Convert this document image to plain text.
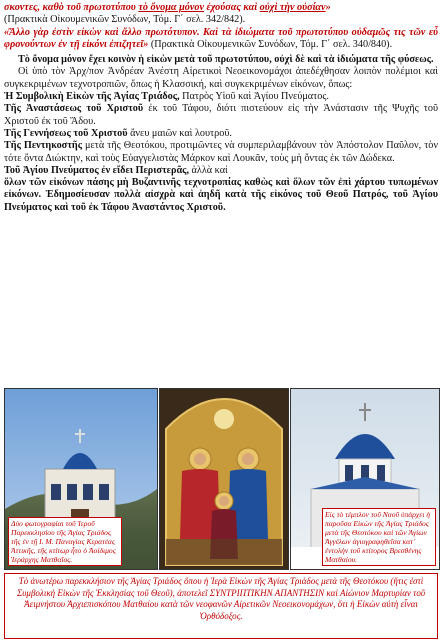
σκοντες, καθὸ τοῦ πρωτοτύπου τὸ ὄνομα μόνον ἐχούσας καὶ οὐχὶ τὴν οὐσίαν»

(Πρακτικὰ Οἰκουμενικῶν Συνόδων, Τόμ. Γ΄ σελ. 342/842).

«Ἄλλο γὰρ ἐστὶν εἰκὼν καὶ ἄλλο πρωτότυπον. Καὶ τὰ ἰδιώματα τοῦ πρωτοτύπου οὐδαμῶς τις τῶν εὖ φρονούντων ἐν τῇ εἰκόνι ἐπιζητεῖ» (Πρακτικὰ Οἰκουμενικῶν Συνόδων, Τόμ. Γ΄ σελ. 340/840).

Τὸ ὄνομα μόνον ἔχει κοινὸν ἡ εἰκὼν μετὰ τοῦ πρωτοτύπου, οὐχὶ δὲ καὶ τὰ ἰδιώματα τῆς φύσεως.

Οἱ ὑπὸ τὸν Ἀρχ/πον Ἀνδρέαν Ἀνέστη Αἱρετικοὶ Νεοεικονομάχοι ἀπεδέχθησαν λοιπὸν πολέμιοι καὶ συγκεκριμένων τεχνοτροπιῶν, ὅπως ἡ Κλασσική, καὶ συγκεκριμένων εἰκόνων, ὅπως:

Ἡ Συμβολικὴ Εἰκὼν τῆς Ἁγίας Τριάδος, Πατρὸς Υἱοῦ καὶ Ἁγίου Πνεύματος.

Τῆς Ἀναστάσεως τοῦ Χριστοῦ ἐκ τοῦ Τάφου, διότι πιστεύουν εἰς τὴν Ἀνάστασιν τῆς Ψυχῆς τοῦ Χριστοῦ ἐκ τοῦ Ἅδου.

Τῆς Γεννήσεως τοῦ Χριστοῦ ἄνευ μαιῶν καὶ λουτροῦ.

Τῆς Πεντηκοστῆς μετὰ τῆς Θεοτόκου, προτιμῶντες νὰ συμπεριλαμβάνουν τὸν Ἀπόστολον Παῦλον, τὸν τότε ὄντα Διώκτην, καὶ τοὺς Εὐαγγελιστὰς Μάρκον καὶ Λουκᾶν, τοὺς μὴ ὄντας ἐκ τῶν Δώδεκα.

Τοῦ Ἁγίου Πνεύματος ἐν εἴδει Περιστερᾶς, ἀλλὰ καί

ὅλων τῶν εἰκόνων πάσης μὴ Βυζαντινῆς τεχνοτροπίας καθὼς καὶ ὅλων τῶν ἐπὶ χάρτου τυπωμένων εἰκόνων. Ἐδημοσίευσαν πολλὰ αἰσχρὰ καὶ ἀηδῆ κατὰ τῆς εἰκόνος τοῦ Θεοῦ Πατρός, τοῦ Ἁγίου Πνεύματος καὶ τοῦ ἐκ Τάφου Ἀναστάντος Χριστοῦ.

Δύο φωτογραφίαι τοῦ Ἱεροῦ Παρεκκλησίου τῆς Ἁγίας Τριάδος τῆς ἐν τῇ Ι. Μ. Παναγίας Κερατέας Ἀττικῆς, τῆς κτίτωρ ἦτο ὁ Ἀοίδιμος Ἱεράρχης Ματθαῖος.
Εἰς τὸ τέμπλον τοῦ Ναοῦ ὑπάρχει ἡ παροῦσα Εἰκὼν τῆς Ἁγίας Τριάδος μετὰ τῆς Θεοτόκου καὶ τῶν Ἁγίων Ἀγγέλων ἁγιογραφηθεῖσα κατ᾽ ἐντολὴν τοῦ κτίτορος Βρεσθένης Ματθαίου.
Τὸ ἀνωτέρω παρεκκλήσιον τῆς Ἁγίας Τριάδος ὅπου ἡ Ἱερὰ Εἰκὼν τῆς Ἁγίας Τριάδος μετὰ τῆς Θεοτόκου (ἥτις ἐστὶ Συμβολικὴ Εἰκὼν τῆς Ἐκκλησίας τοῦ Θεοῦ), ἀποτελεῖ ΣΥΝΤΡΙΠΤΙΚΗΝ ΑΠΑΝΤΗΣΙΝ καὶ Αἰώνιον Μαρτυρίαν τοῦ Ἀειμνήστου Ἀρχιεπισκόπου Ματθαίου κατὰ τῶν νεοφανῶν Αἱρετικῶν Νεοεικονομάχων, ὅτι ἡ Εἰκὼν αὐτὴ εἶναι Ὀρθόδοξος.
